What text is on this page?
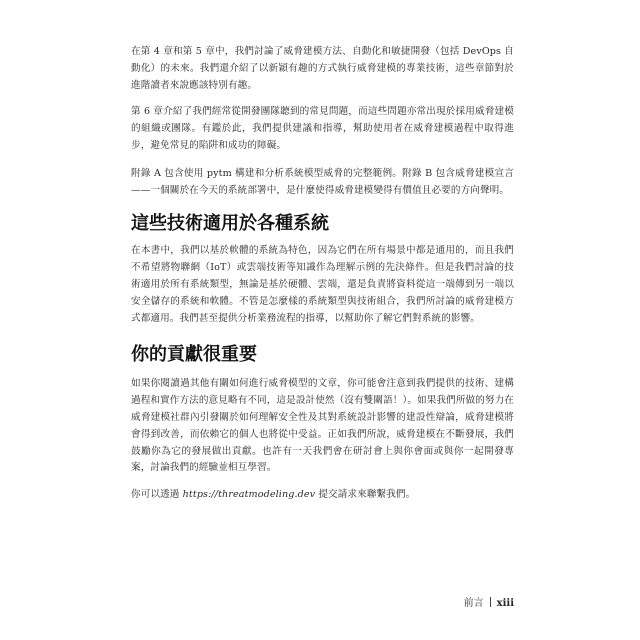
在第 4 章和第 5 章中，我們討論了威脅建模方法、自動化和敏捷開發（包括 DevOps 自動化）的未來。我們還介紹了以新穎有趣的方式執行威脅建模的專業技術，這些章節對於進階讀者來說應該特別有趣。

第 6 章介紹了我們經常從開發團隊聽到的常見問題，而這些問題亦常出現於採用威脅建模的組織或團隊。有鑑於此，我們提供建議和指導，幫助使用者在威脅建模過程中取得進步，避免常見的陷阱和成功的障礙。

附錄 A 包含使用 pytm 構建和分析系統模型威脅的完整範例。附錄 B 包含威脅建模宣言——一個關於在今天的系統部署中，是什麼使得威脅建模變得有價值且必要的方向聲明。

這些技術適用於各種系統

在本書中，我們以基於軟體的系統為特色，因為它們在所有場景中都是通用的，而且我們不希望將物聯網（IoT）或雲端技術等知識作為理解示例的先決條件。但是我們討論的技術適用於所有系統類型，無論是基於硬體、雲端，還是負責將資料從這一端傳到另一端以安全儲存的系統和軟體。不管是怎麼樣的系統類型與技術組合，我們所討論的威脅建模方式都適用。我們甚至提供分析業務流程的指導，以幫助你了解它們對系統的影響。

你的貢獻很重要

如果你閱讀過其他有關如何進行威脅模型的文章，你可能會注意到我們提供的技術、建構過程和實作方法的意見略有不同，這是設計使然（沒有雙關語！）。如果我們所做的努力在威脅建模社群內引發關於如何理解安全性及其對系統設計影響的建設性辯論，威脅建模將會得到改善，而依賴它的個人也將從中受益。正如我們所說，威脅建模在不斷發展，我們鼓勵你為它的發展做出貢獻。也許有一天我們會在研討會上與你會面或與你一起開發專案，討論我們的經驗並相互學習。

你可以透過 https://threatmodeling.dev 提交請求來聯繫我們。

前言 xiii
